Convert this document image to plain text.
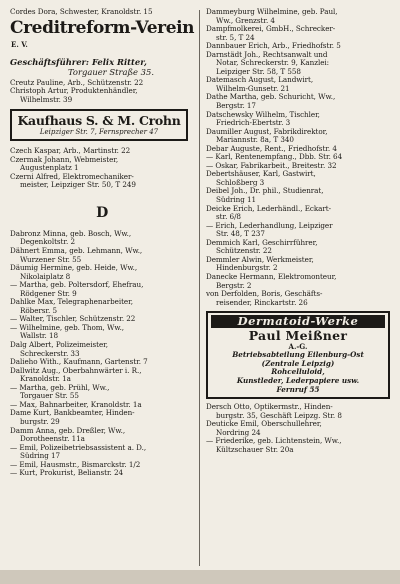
Cordes Dora, Schwester, Kranoldstr. 15
Creditreform-VereinE. V.
Geschäftsführer: Felix Ritter,
Torgauer Straße 35.
Creutz Pauline, Arb., Schützenstr. 22
Christoph Artur, Produktenhändler,
Wilhelmstr. 39
Kaufhaus S. & M. Crohn
Leipziger Str. 7, Fernsprecher 47
Czech Kaspar, Arb., Martinstr. 22
Czermak Johann, Webmeister,
Augustenplatz 1
Czerni Alfred, Elektromechaniker-
meister, Leipziger Str. 50, T 249
D
Dabronz Minna, geb. Bosch, Ww.,
Degenkoltstr. 2
Dähnert Emma, geb. Lehmann, Ww.,
Wurzener Str. 55
Däumig Hermine, geb. Heide, Ww.,
Nikolaiplatz 8
— Martha, geb. Poltersdorf, Ehefrau,
Rödgener Str. 9
Dahlke Max, Telegraphenarbeiter,
Röbersr. 5
— Walter, Tischler, Schützenstr. 22
— Wilhelmine, geb. Thom, Ww.,
Wallstr. 18
Dalg Albert, Polizeimeister,
Schreckerstr. 33
Dalieho With., Kaufmann, Gartenstr. 7
Dallwitz Aug., Oberbahnwärter i. R.,
Kranoldstr. 1a
— Martha, geb. Prühl, Ww.,
Torgauer Str. 55
— Max, Bahnarbeiter, Kranoldstr. 1a
Dame Kurt, Bankbeamter, Hinden-
burgstr. 29
Damm Anna, geb. Dreßler, Ww.,
Dorotheenstr. 11a
— Emil, Polizeibetriebsassistent a. D.,
Südring 17
— Emil, Hausmstr., Bismarckstr. 1/2
— Kurt, Prokurist, Belianstr. 24
Dammeyburg Wilhelmine, geb. Paul,
Ww., Grenzstr. 4
Dampfmolkerei, GmbH., Schrecker-
str. 5, T 24
Dannbauer Erich, Arb., Friedhofstr. 5
Darnstädt Joh., Rechtsanwalt und
Notar, Schreckerstr. 9, Kanzlei:
Leipziger Str. 58, T 558
Datemasch August, Landwirt,
Wilhelm-Gunsetr. 21
Dathe Martha, geb. Schuricht, Ww.,
Bergstr. 17
Datschewsky Wilhelm, Tischler,
Friedrich-Ebertstr. 3
Daumiller August, Fabrikdirektor,
Mariannstr. 8a, T 340
Debar Auguste, Rent., Friedhofstr. 4
— Karl, Rentenempfang., Dbb. Str. 64
— Oskar, Fabrikarbeit., Breitestr. 32
Debertshäuser, Karl, Gastwirt,
Schloßberg 3
Deibel Joh., Dr. phil., Studienrat,
Südring 11
Deicke Erich, Lederhändl., Eckart-
str. 6/8
— Erich, Lederhandlung, Leipziger
Str. 48, T 237
Demmich Karl, Geschirrführer,
Schützenstr. 22
Demmler Alwin, Werkmeister,
Hindenburgstr. 2
Danecke Hermann, Elektromonteur,
Bergstr. 2
von Derfolden, Boris, Geschäfts-
reisender, Rinckartstr. 26
Dermatoid-Werke
Paul Meißner
A.-G.
Betriebsabteilung Eilenburg-Ost
(Zentrale Leipzig)
Rohcelluloid,
Kunstleder, Lederpapiere usw.
Fernruf 55
Dersch Otto, Optikermstr., Hinden-
burgstr. 35, Geschäft Leipzg. Str. 8
Deuticke Emil, Oberschullehrer,
Nordring 24
— Friederike, geb. Lichtenstein, Ww.,
Kültzschauer Str. 20a
